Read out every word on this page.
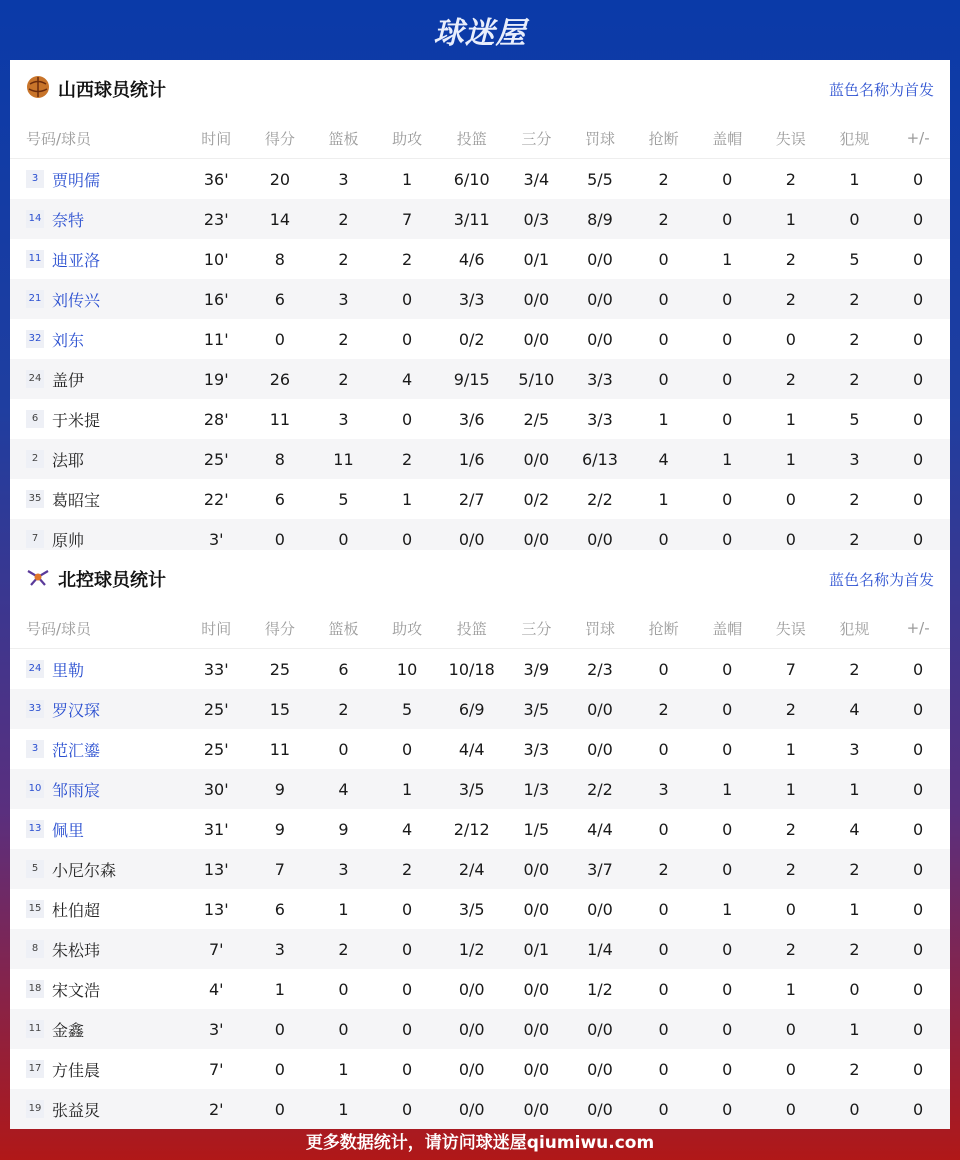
球迷屋
山西球员统计	蓝色名称为首发
号码/球员	时间	得分	篮板	助攻	投篮	三分	罚球	抢断	盖帽	失误	犯规	+/-
3 贾明儒	36'	20	3	1	6/10	3/4	5/5	2	0	2	1	0
14 奈特	23'	14	2	7	3/11	0/3	8/9	2	0	1	0	0
11 迪亚洛	10'	8	2	2	4/6	0/1	0/0	0	1	2	5	0
21 刘传兴	16'	6	3	0	3/3	0/0	0/0	0	0	2	2	0
32 刘东	11'	0	2	0	0/2	0/0	0/0	0	0	0	2	0
24 盖伊	19'	26	2	4	9/15	5/10	3/3	0	0	2	2	0
6 于米提	28'	11	3	0	3/6	2/5	3/3	1	0	1	5	0
2 法耶	25'	8	11	2	1/6	0/0	6/13	4	1	1	3	0
35 葛昭宝	22'	6	5	1	2/7	0/2	2/2	1	0	0	2	0
7 原帅	3'	0	0	0	0/0	0/0	0/0	0	0	0	2	0
北控球员统计	蓝色名称为首发
号码/球员	时间	得分	篮板	助攻	投篮	三分	罚球	抢断	盖帽	失误	犯规	+/-
24 里勒	33'	25	6	10	10/18	3/9	2/3	0	0	7	2	0
33 罗汉琛	25'	15	2	5	6/9	3/5	0/0	2	0	2	4	0
3 范汇鎏	25'	11	0	0	4/4	3/3	0/0	0	0	1	3	0
10 邹雨宸	30'	9	4	1	3/5	1/3	2/2	3	1	1	1	0
13 佩里	31'	9	9	4	2/12	1/5	4/4	0	0	2	4	0
5 小尼尔森	13'	7	3	2	2/4	0/0	3/7	2	0	2	2	0
15 杜伯超	13'	6	1	0	3/5	0/0	0/0	0	1	0	1	0
8 朱松玮	7'	3	2	0	1/2	0/1	1/4	0	0	2	2	0
18 宋文浩	4'	1	0	0	0/0	0/0	1/2	0	0	1	0	0
11 金鑫	3'	0	0	0	0/0	0/0	0/0	0	0	0	1	0
17 方佳晨	7'	0	1	0	0/0	0/0	0/0	0	0	0	2	0
19 张益炅	2'	0	1	0	0/0	0/0	0/0	0	0	0	0	0
更多数据统计，请访问球迷屋qiumiwu.com
